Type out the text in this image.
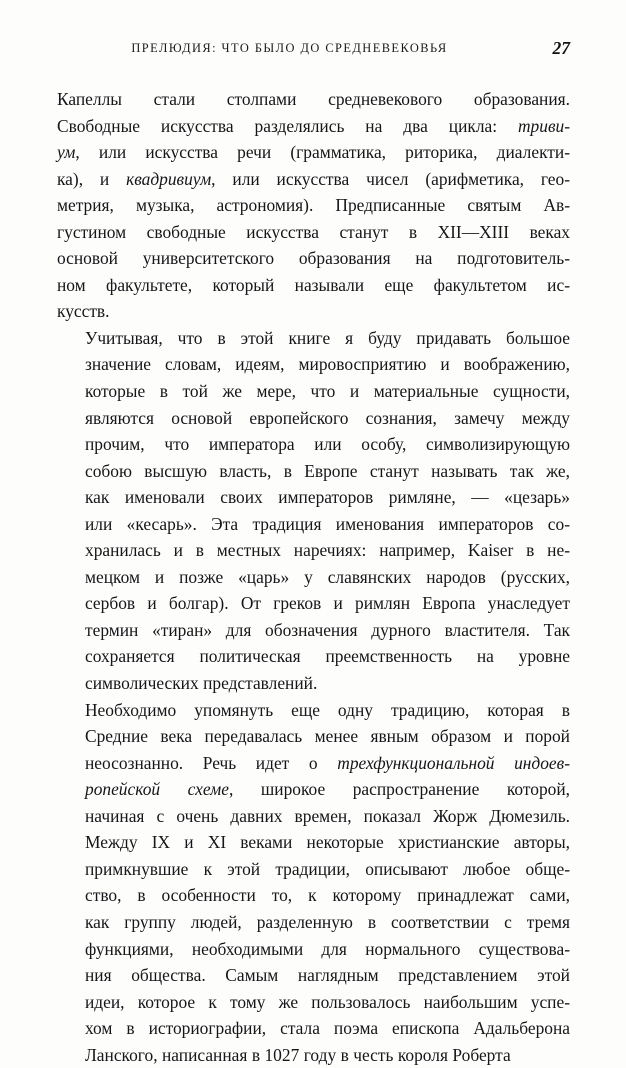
ПРЕЛЮДИЯ: ЧТО БЫЛО ДО СРЕДНЕВЕКОВЬЯ	27

Капеллы стали столпами средневекового образования.
Свободные искусства разделялись на два цикла: триви-
ум, или искусства речи (грамматика, риторика, диалекти-
ка), и квадривиум, или искусства чисел (арифметика, гео-
метрия, музыка, астрономия). Предписанные святым Ав-
густином свободные искусства станут в XII—XIII веках
основой университетского образования на подготовитель-
ном факультете, который называли еще факультетом ис-
кусств.

Учитывая, что в этой книге я буду придавать большое
значение словам, идеям, мировосприятию и воображению,
которые в той же мере, что и материальные сущности,
являются основой европейского сознания, замечу между
прочим, что императора или особу, символизирующую
собою высшую власть, в Европе станут называть так же,
как именовали своих императоров римляне, — «цезарь»
или «кесарь». Эта традиция именования императоров со-
хранилась и в местных наречиях: например, Kaiser в не-
мецком и позже «царь» у славянских народов (русских,
сербов и болгар). От греков и римлян Европа унаследует
термин «тиран» для обозначения дурного властителя. Так
сохраняется политическая преемственность на уровне
символических представлений.

Необходимо упомянуть еще одну традицию, которая в
Средние века передавалась менее явным образом и порой
неосознанно. Речь идет о трехфункциональной индоев-
ропейской схеме, широкое распространение которой,
начиная с очень давних времен, показал Жорж Дюмезиль.
Между IX и XI веками некоторые христианские авторы,
примкнувшие к этой традиции, описывают любое обще-
ство, в особенности то, к которому принадлежат сами,
как группу людей, разделенную в соответствии с тремя
функциями, необходимыми для нормального существова-
ния общества. Самым наглядным представлением этой
идеи, которое к тому же пользовалось наибольшим успе-
хом в историографии, стала поэма епископа Адальберона
Ланского, написанная в 1027 году в честь короля Роберта
